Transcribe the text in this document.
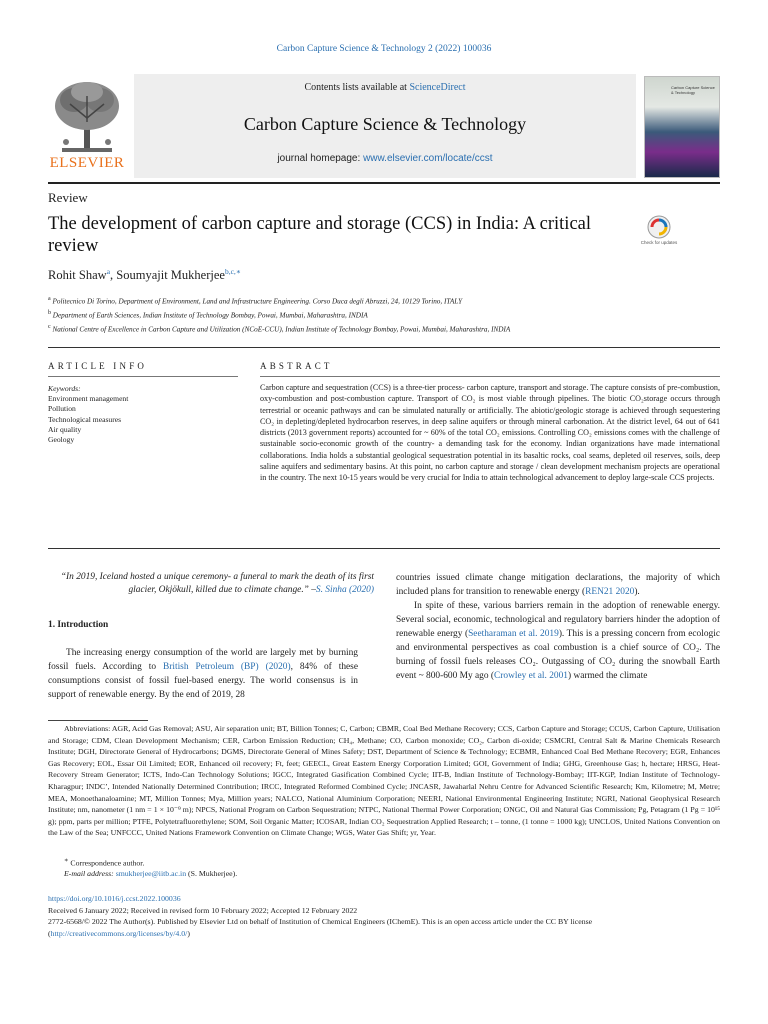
Carbon Capture Science & Technology 2 (2022) 100036
ELSEVIER
Contents lists available at ScienceDirect
Carbon Capture Science & Technology
journal homepage: www.elsevier.com/locate/ccst
Carbon Capture Science & Technology
Review
The development of carbon capture and storage (CCS) in India: A critical review	Check for updates
Rohit Shaw$^a$, Soumyajit Mukherjee$^{b,c,∗}$
$^a$ Politecnico Di Torino, Department of Environment, Land and Infrastructure Engineering. Corso Duca degli Abruzzi, 24, 10129 Torino, ITALY
$^b$ Department of Earth Sciences, Indian Institute of Technology Bombay, Powai, Mumbai, Maharashtra, INDIA
$^c$ National Centre of Excellence in Carbon Capture and Utilization (NCoE-CCU), Indian Institute of Technology Bombay, Powai, Mumbai, Maharashtra, INDIA
ARTICLE INFO	ABSTRACT
Keywords:
Environment management
Pollution
Technological measures
Air quality
Geology
Carbon capture and sequestration (CCS) is a three-tier process- carbon capture, transport and storage. The capture consists of pre-combustion, oxy-combustion and post-combustion capture. Transport of CO₂ is most viable through pipelines. The biotic CO₂storage occurs through terrestrial or oceanic pathways and can be simulated naturally or artificially. The abiotic/geologic storage is achieved through sequestering CO₂ in depleting/depleted hydrocarbon reserves, in deep saline aquifers or through mineral carbonation. At the district level, 64 out of 641 districts (2013 government reports) accounted for ~ 60% of the total CO₂ emissions. Controlling CO₂ emissions comes with the challenge of sustainable socio-economic growth of the country- a demanding task for the economy. Indian organizations have made international collaborations. India holds a substantial geological sequestration potential in its basaltic rocks, coal seams, depleted oil reserves, soils, deep saline aquifers and sedimentary basins. At this point, no carbon capture and storage / clean development mechanism projects are operational in the country. The next 10-15 years would be very crucial for India to attain technological advancement to deploy large-scale CCS projects.
“In 2019, Iceland hosted a unique ceremony- a funeral to mark the death of its first glacier, Okjökull, killed due to climate change.” –S. Sinha (2020)
1. Introduction

The increasing energy consumption of the world are largely met by burning fossil fuels. According to British Petroleum (BP) (2020), 84% of these consumptions consist of fossil fuel-based energy. The world consensus is in support of renewable energy. By the end of 2019, 28

countries issued climate change mitigation declarations, the majority of which included plans for transition to renewable energy (REN21 2020).

In spite of these, various barriers remain in the adoption of renewable energy. Several social, economic, technological and regulatory barriers hinder the adoption of renewable energy (Seetharaman et al. 2019). This is a pressing concern from ecologic and environmental perspectives as coal combustion is a chief source of CO₂. The burning of fossil fuels releases CO₂. Outgassing of CO₂ during the snowball Earth event ~ 800-600 My ago (Crowley et al. 2001) warmed the climate

Abbreviations: AGR, Acid Gas Removal; ASU, Air separation unit; BT, Billion Tonnes; C, Carbon; CBMR, Coal Bed Methane Recovery; CCS, Carbon Capture and Storage; CCUS, Carbon Capture, Utilisation and Storage; CDM, Clean Development Mechanism; CER, Carbon Emission Reduction; CH₄, Methane; CO, Carbon monoxide; CO₂, Carbon di-oxide; CSMCRI, Central Salt & Marine Chemicals Research Institute; DGH, Directorate General of Hydrocarbons; DGMS, Directorate General of Mines Safety; DST, Department of Science & Technology; ECBMR, Enhanced Coal Bed Methane Recovery; EGR, Enhances Gas Recovery; EOL, Essar Oil Limited; EOR, Enhanced oil recovery; Ft, feet; GEECL, Great Eastern Energy Corporation Limited; GOI, Government of India; GHG, Greenhouse Gas; h, hectare; HRSG, Heat-Recovery Stream Generator; ICTS, Indo-Can Technology Solutions; IGCC, Integrated Gasification Combined Cycle; IIT-B, Indian Institute of Technology-Bombay; IIT-KGP, Indian Institute of Technology- Kharagpur; INDC’, Intended Nationally Determined Contribution; IRCC, Integrated Reformed Combined Cycle; JNCASR, Jawaharlal Nehru Centre for Advanced Scientific Research; Km, Kilometre; M, Metre; MEA, Monoethanaloamine; MT, Million Tonnes; Mya, Million years; NALCO, National Aluminium Corporation; NEERI, National Environmental Engineering Institute; NGRI, National Geophysical Research Institute; nm, nanometer (1 nm = 1 × 10⁻⁹ m); NPCS, National Program on Carbon Sequestration; NTPC, National Thermal Power Corporation; ONGC, Oil and Natural Gas Commission; Pg, Petagram (1 Pg = 10¹⁵ g); ppm, parts per million; PTFE, Polytetrafluorethylene; SOM, Soil Organic Matter; ICOSAR, Indian CO₂ Sequestration Applied Research; t – tonne, (1 tonne = 1000 kg); UNCLOS, United Nations Convention on the Law of the Sea; UNFCCC, United Nations Framework Convention on Climate Change; WGS, Water Gas Shift; yr, Year.
∗ Correspondence author.
E-mail address: smukherjee@iitb.ac.in (S. Mukherjee).
https://doi.org/10.1016/j.ccst.2022.100036
Received 6 January 2022; Received in revised form 10 February 2022; Accepted 12 February 2022
2772-6568/© 2022 The Author(s). Published by Elsevier Ltd on behalf of Institution of Chemical Engineers (IChemE). This is an open access article under the CC BY license (http://creativecommons.org/licenses/by/4.0/)
